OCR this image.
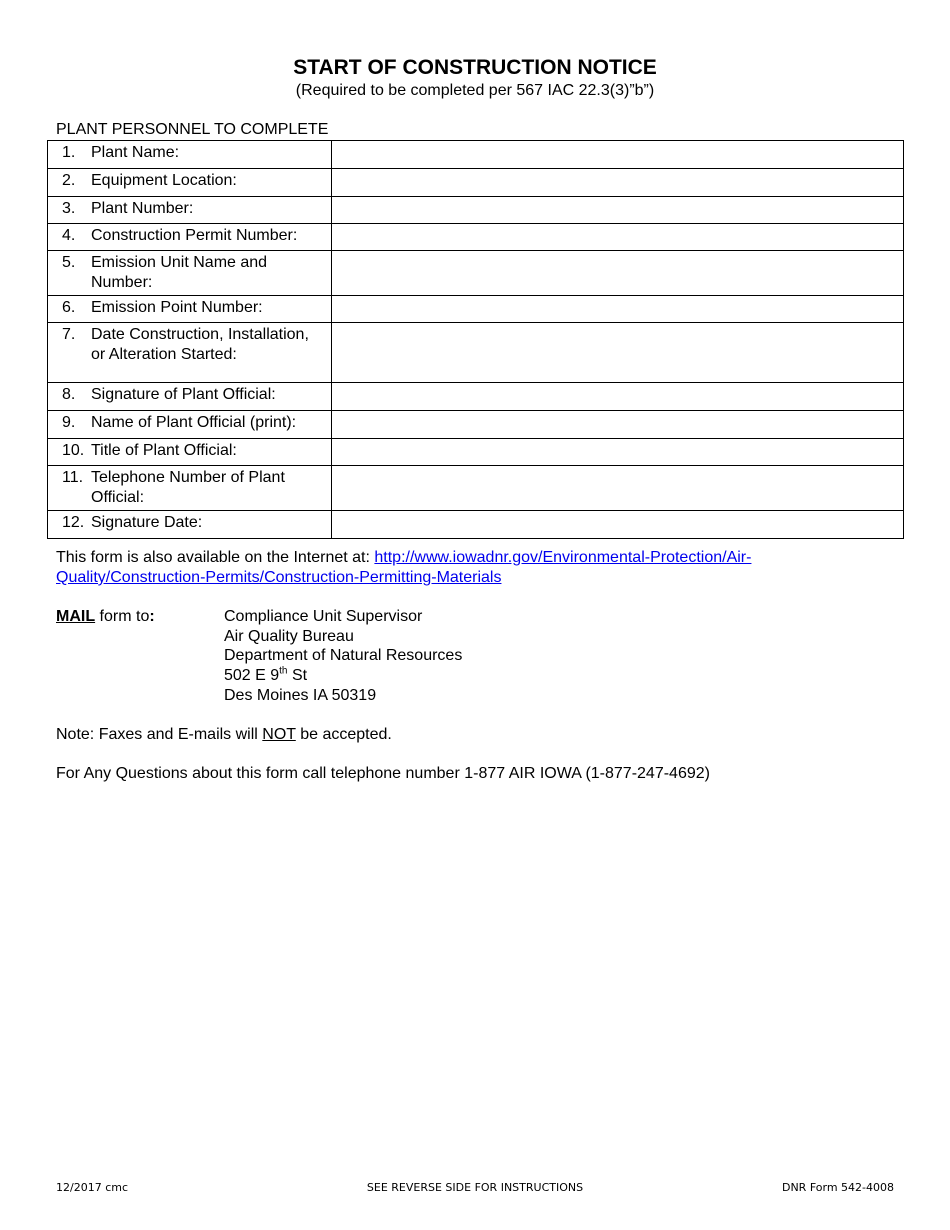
START OF CONSTRUCTION NOTICE
(Required to be completed per 567 IAC 22.3(3)”b”)
PLANT PERSONNEL TO COMPLETE
1. Plant Name:	

2. Equipment Location:	

3. Plant Number:	

4. Construction Permit Number:	

5. Emission Unit Name and Number:	

6. Emission Point Number:	

7. Date Construction, Installation, or Alteration Started:	

8. Signature of Plant Official:	

9. Name of Plant Official (print):	

10. Title of Plant Official:	

11. Telephone Number of Plant Official:	

12. Signature Date:	

This form is also available on the Internet at: http://www.iowadnr.gov/Environmental-Protection/Air-Quality/Construction-Permits/Construction-Permitting-Materials
MAIL form to:	Compliance Unit Supervisor
Air Quality Bureau
Department of Natural Resources
502 E 9th St
Des Moines IA 50319
Note: Faxes and E-mails will NOT be accepted.
For Any Questions about this form call telephone number 1-877 AIR IOWA (1-877-247-4692)
12/2017 cmc	SEE REVERSE SIDE FOR INSTRUCTIONS	DNR Form 542-4008
